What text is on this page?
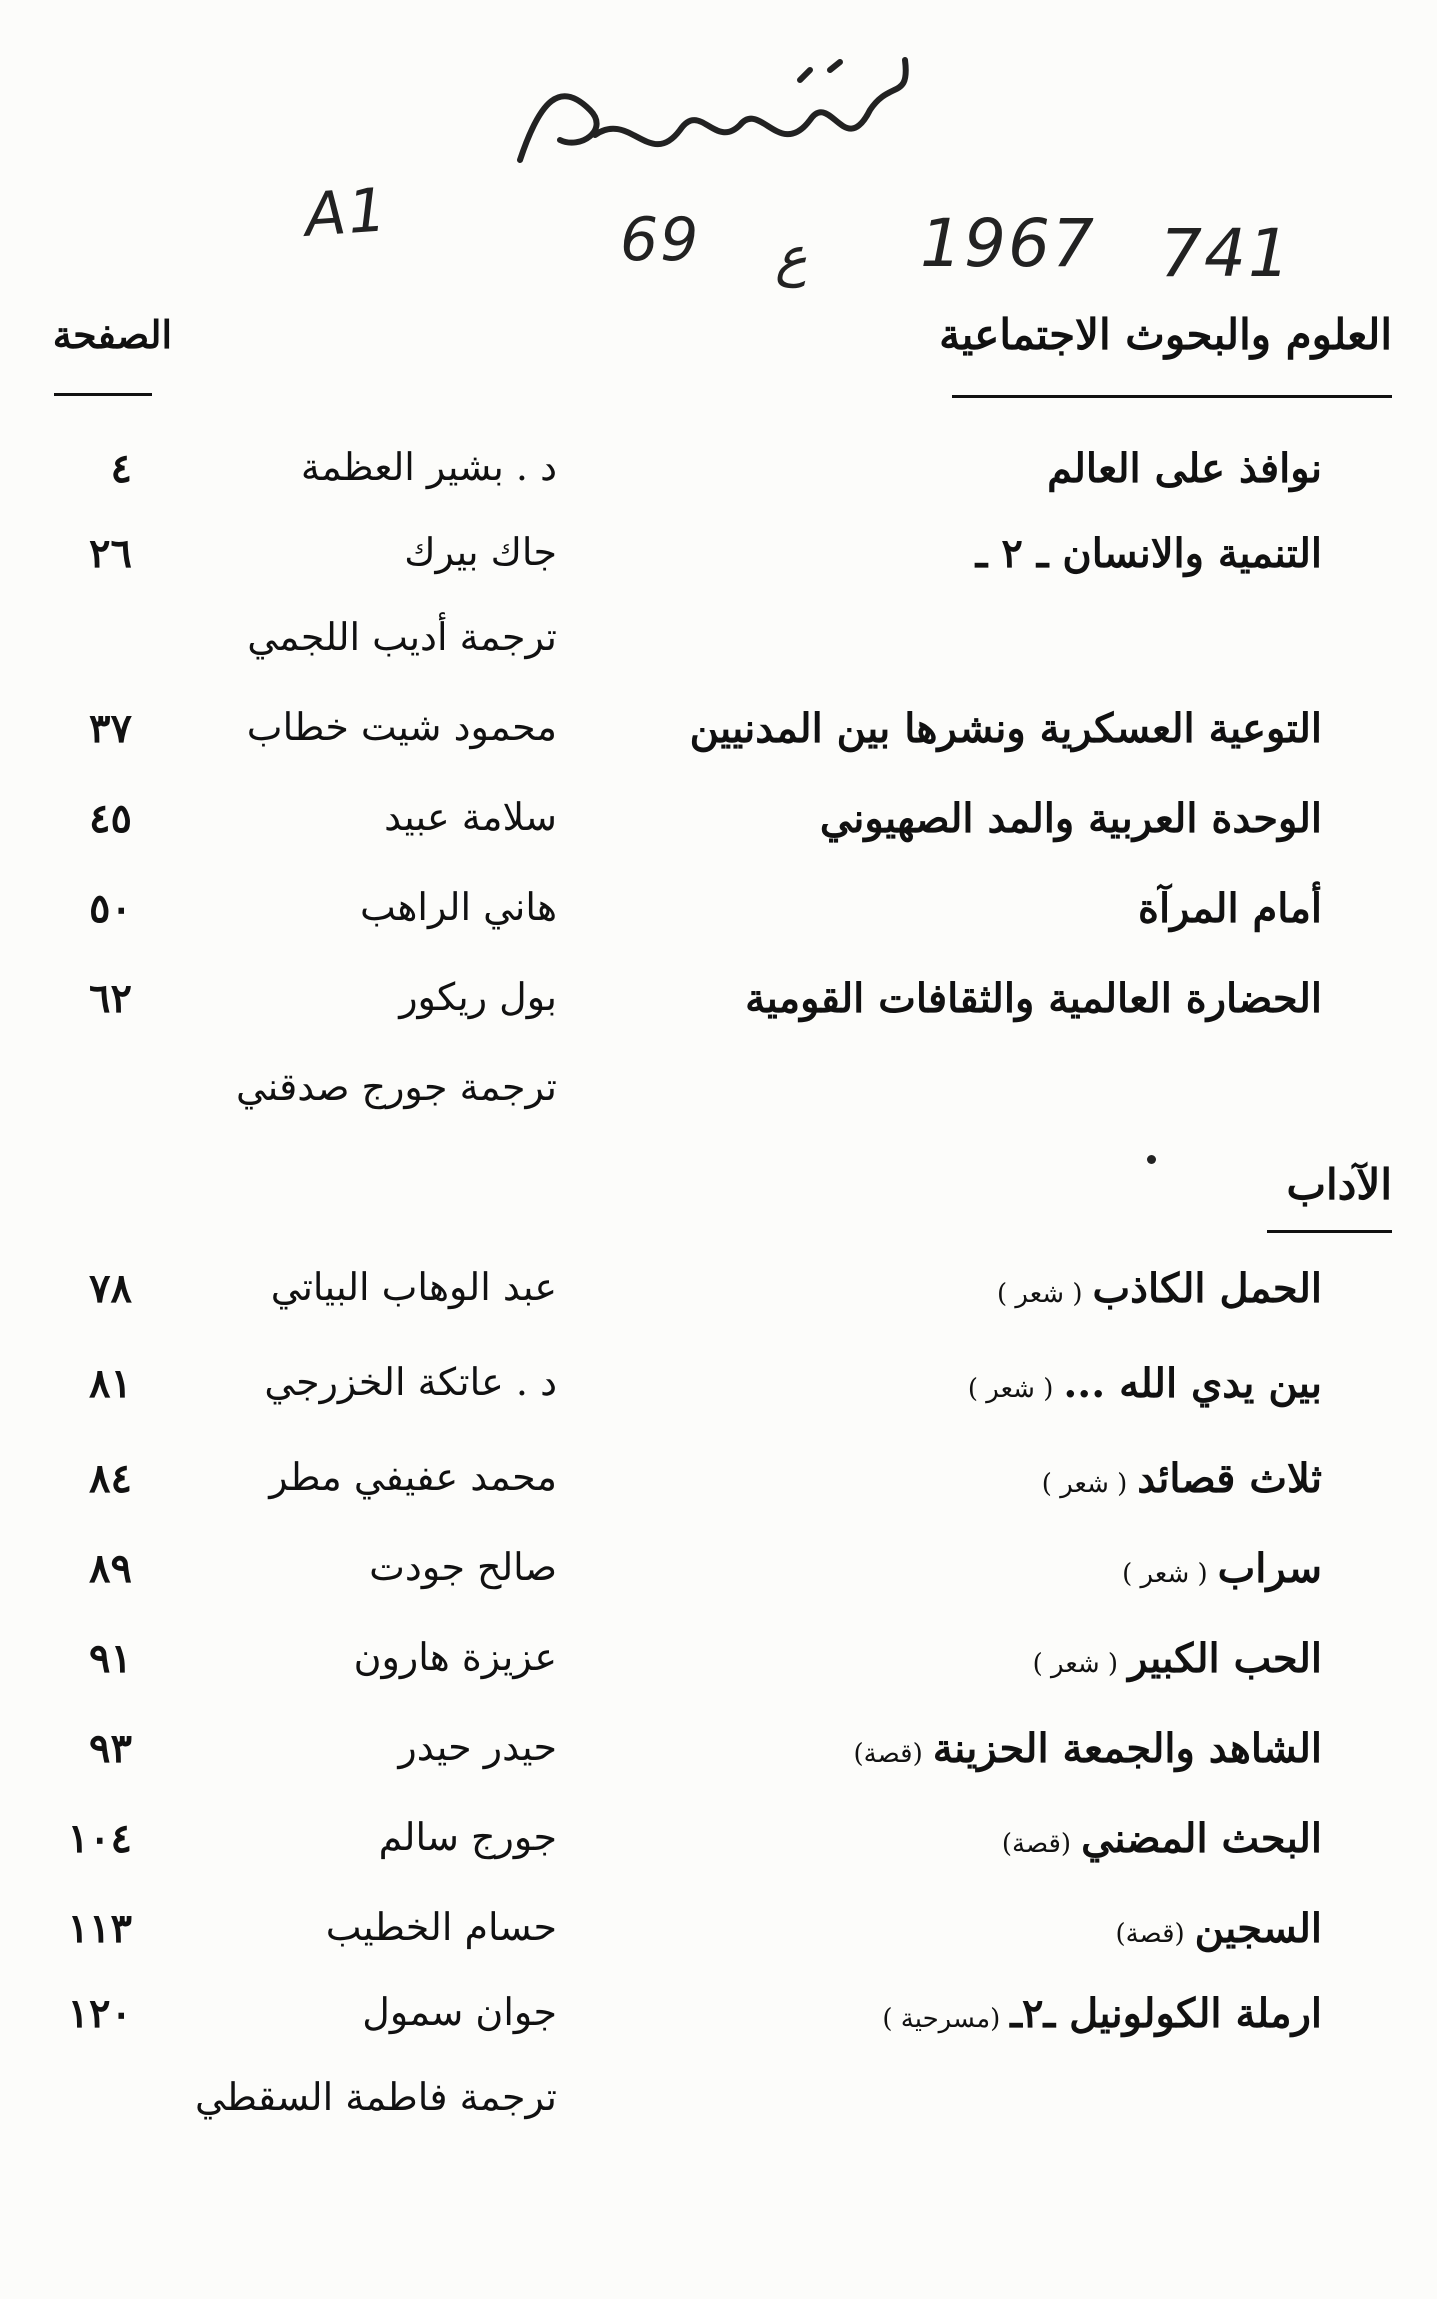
A1	69 ع 1967 741
العلوم والبحوث الاجتماعية
الصفحة
نوافذ على العالم
د . بشير العظمة
٤
التنمية والانسان ـ ٢ ـ
جاك بيرك
٢٦
ترجمة أديب اللجمي
التوعية العسكرية ونشرها بين المدنيين
محمود شيت خطاب
٣٧
الوحدة العربية والمد الصهيوني
سلامة عبيد
٤٥
أمام المرآة
هاني الراهب
٥٠
الحضارة العالمية والثقافات القومية
بول ريكور
٦٢
ترجمة جورج صدقني
الآداب
الحمل الكاذب( شعر )
عبد الوهاب البياتي
٧٨
بين يدي الله ...( شعر )
د . عاتكة الخزرجي
٨١
ثلاث قصائد( شعر )
محمد عفيفي مطر
٨٤
سراب( شعر )
صالح جودت
٨٩
الحب الكبير( شعر )
عزيزة هارون
٩١
الشاهد والجمعة الحزينة(قصة)
حيدر حيدر
٩٣
البحث المضني(قصة)
جورج سالم
١٠٤
السجين(قصة)
حسام الخطيب
١١٣
ارملة الكولونيل ـ٢ـ(مسرحية )
جوان سمول
١٢٠
ترجمة فاطمة السقطي
